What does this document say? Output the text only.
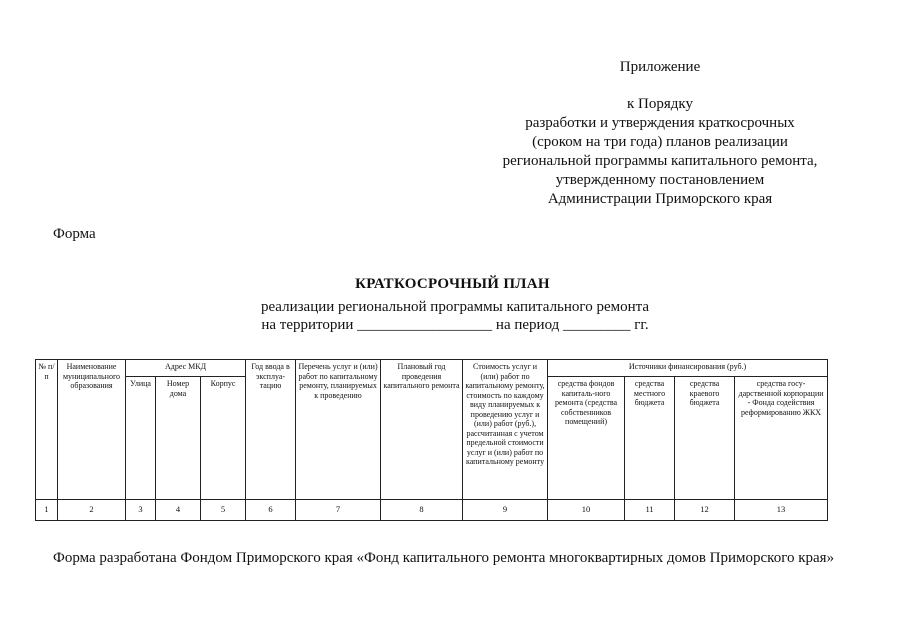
Приложение
к Порядку
разработки и утверждения краткосрочных
(сроком на три года) планов реализации
региональной программы капитального ремонта,
утвержденному постановлением
Администрации Приморского края
Форма
КРАТКОСРОЧНЫЙ ПЛАН
реализации региональной программы капитального ремонта
на территории __________________ на период _________ гг.
№ п/п	Наименование муниципального образования	Адрес МКД			Год ввода в эксплуа-тацию	Перечень услуг и (или) работ по капитальному ремонту, планируемых к проведению	Плановый год проведения капитального ремонта	Стоимость услуг и (или) работ по капитальному ремонту, стоимость по каждому виду планируемых к проведению услуг и (или) работ (руб.), рассчитанная с учетом предельной стоимости услуг и (или) работ по капитальному ремонту	Источники финансирования (руб.)			
		Улица	Номер дома	Корпус					средства фондов капиталь-ного ремонта (средства собственников помещений)	средства местного бюджета	средства краевого бюджета	средства госу-дарственной корпорации - Фонда содействия реформированию ЖКХ
1	2	3	4	5	6	7	8	9	10	11	12	13
Форма разработана Фондом Приморского края «Фонд капитального ремонта многоквартирных домов Приморского края»
